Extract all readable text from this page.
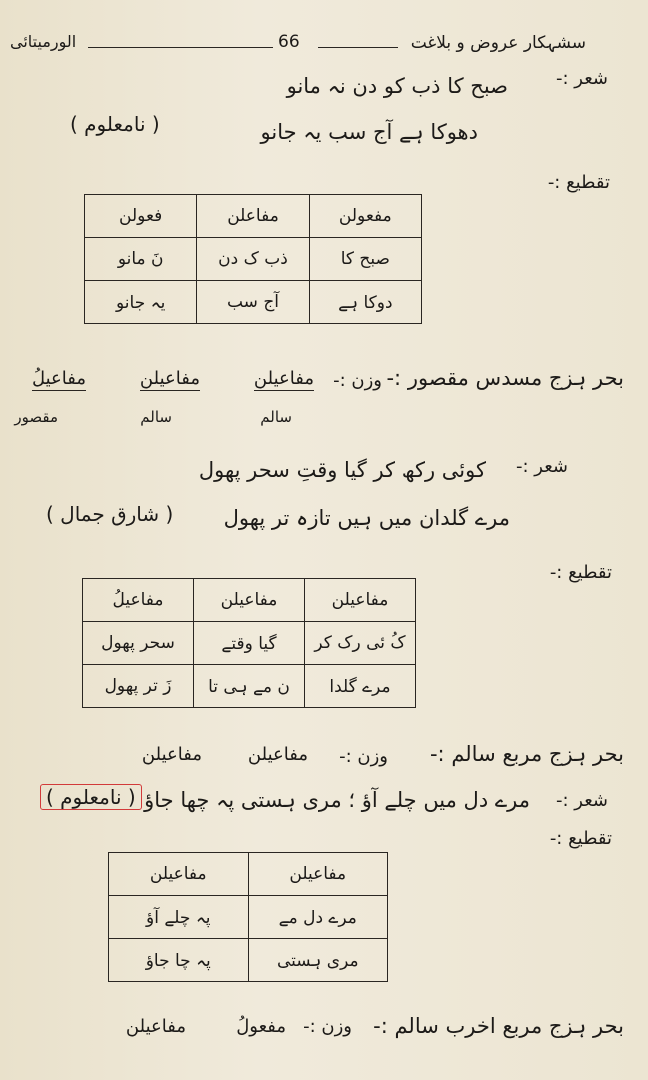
سشہکار عروض و بلاغت
66
الورمیتائی
شعر :-
صبح کا ذب کو دن نہ مانو
دھوکا ہے آج سب یہ جانو
( نامعلوم )
تقطیع :-
مفعولن	مفاعلن	فعولن
صبح کا	ذب ک دن	نَ مانو
دوکا ہے	آج سب	یہ جانو
بحر ہزج مسدس مقصور :-
وزن :-
مفاعیلن
مفاعیلن
مفاعیلُ
سالم
سالم
مقصور
شعر :-
کوئی رکھ کر گیا وقتِ سحر پھول
مرے گلدان میں ہیں تازہ تر پھول
( شارق جمال )
تقطیع :-
مفاعیلن	مفاعیلن	مفاعیلُ
کُ ئی رک کر	گیا وقتے	سحر پھول
مرے گلدا	ن مے ہی تا	زَ تر پھول
بحر ہزج مربع سالم :-
وزن :-
مفاعیلن
مفاعیلن
شعر :-
مرے دل میں چلے آؤ ؛ مری ہستی پہ چھا جاؤ
( نامعلوم )
تقطیع :-
مفاعیلن	مفاعیلن
مرے دل مے	پہ چلے آؤ
مری ہستی	پہ چا جاؤ
بحر ہزج مربع اخرب سالم :-
وزن :-
مفعولُ
مفاعیلن
